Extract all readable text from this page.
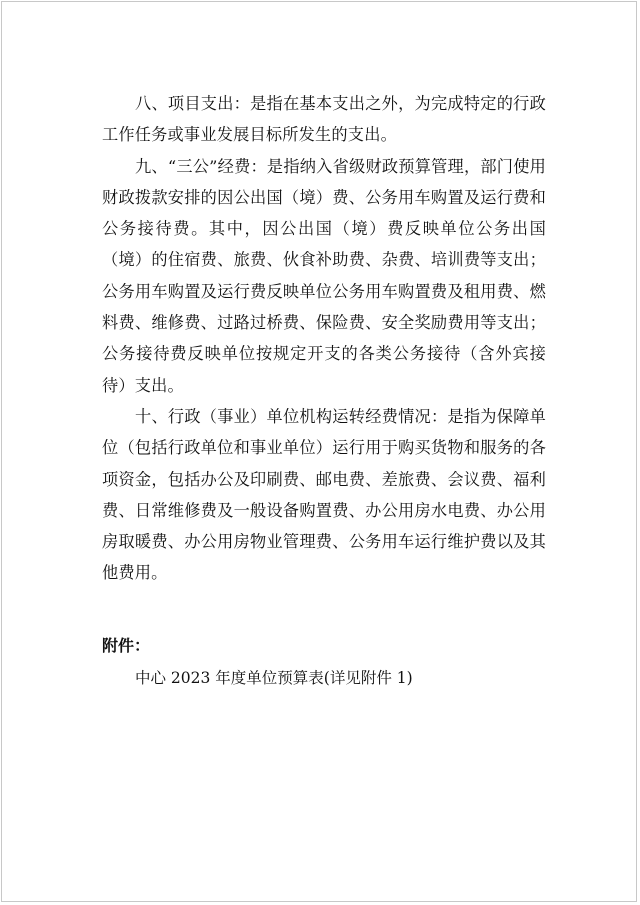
八、项目支出：是指在基本支出之外，为完成特定的行政工作任务或事业发展目标所发生的支出。

九、“三公”经费：是指纳入省级财政预算管理，部门使用财政拨款安排的因公出国（境）费、公务用车购置及运行费和公务接待费。其中，因公出国（境）费反映单位公务出国（境）的住宿费、旅费、伙食补助费、杂费、培训费等支出；公务用车购置及运行费反映单位公务用车购置费及租用费、燃料费、维修费、过路过桥费、保险费、安全奖励费用等支出；公务接待费反映单位按规定开支的各类公务接待（含外宾接待）支出。

十、行政（事业）单位机构运转经费情况：是指为保障单位（包括行政单位和事业单位）运行用于购买货物和服务的各项资金，包括办公及印刷费、邮电费、差旅费、会议费、福利费、日常维修费及一般设备购置费、办公用房水电费、办公用房取暖费、办公用房物业管理费、公务用车运行维护费以及其他费用。

附件：

中心 2023 年度单位预算表(详见附件 1)
